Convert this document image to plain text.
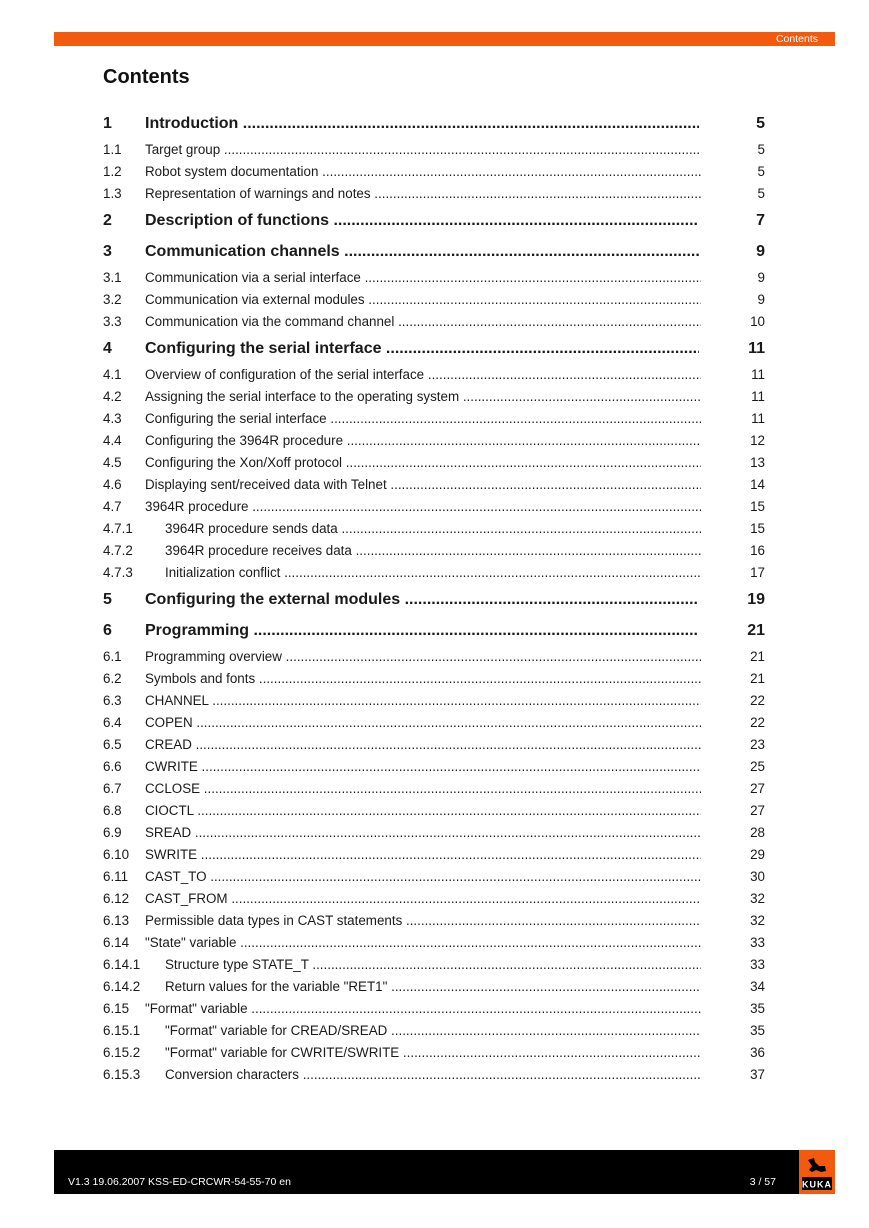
Contents
Contents
1 Introduction .....	5
1.1 Target group .....	5
1.2 Robot system documentation .....	5
1.3 Representation of warnings and notes .....	5
2 Description of functions .....	7
3 Communication channels .....	9
3.1 Communication via a serial interface .....	9
3.2 Communication via external modules .....	9
3.3 Communication via the command channel .....	10
4 Configuring the serial interface .....	11
4.1 Overview of configuration of the serial interface .....	11
4.2 Assigning the serial interface to the operating system .....	11
4.3 Configuring the serial interface .....	11
4.4 Configuring the 3964R procedure .....	12
4.5 Configuring the Xon/Xoff protocol .....	13
4.6 Displaying sent/received data with Telnet .....	14
4.7 3964R procedure .....	15
4.7.1 3964R procedure sends data .....	15
4.7.2 3964R procedure receives data .....	16
4.7.3 Initialization conflict .....	17
5 Configuring the external modules .....	19
6 Programming .....	21
6.1 Programming overview .....	21
6.2 Symbols and fonts .....	21
6.3 CHANNEL .....	22
6.4 COPEN .....	22
6.5 CREAD .....	23
6.6 CWRITE .....	25
6.7 CCLOSE .....	27
6.8 CIOCTL .....	27
6.9 SREAD .....	28
6.10 SWRITE .....	29
6.11 CAST_TO .....	30
6.12 CAST_FROM .....	32
6.13 Permissible data types in CAST statements .....	32
6.14 "State" variable .....	33
6.14.1 Structure type STATE_T .....	33
6.14.2 Return values for the variable "RET1" .....	34
6.15 "Format" variable .....	35
6.15.1 "Format" variable for CREAD/SREAD .....	35
6.15.2 "Format" variable for CWRITE/SWRITE .....	36
6.15.3 Conversion characters .....	37
V1.3 19.06.2007 KSS-ED-CRCWR-54-55-70 en	3 / 57	KUKA
